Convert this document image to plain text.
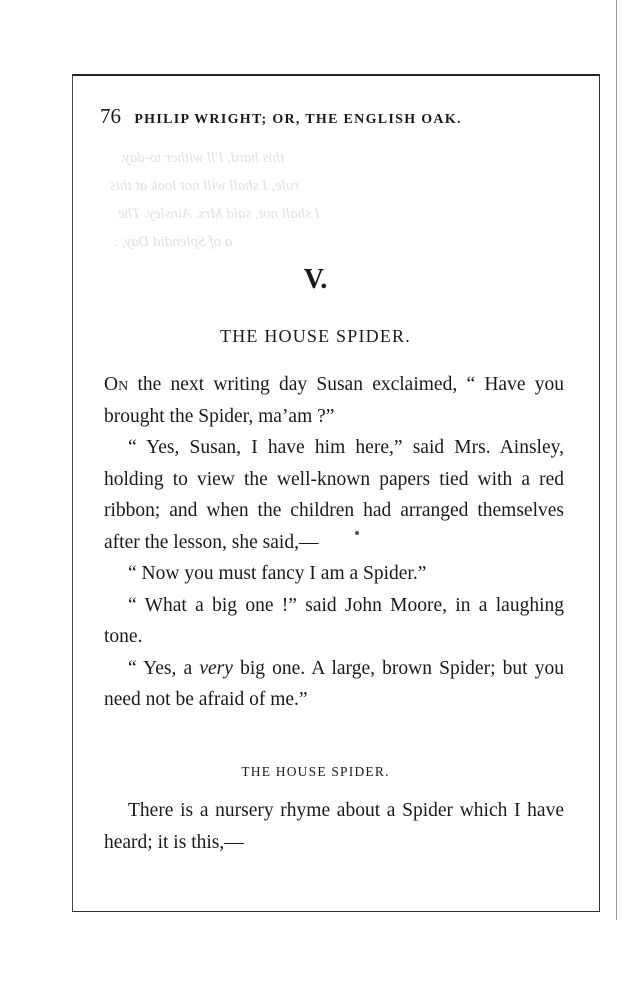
this hard, I'll wither to-day.
rule, I shall will not look at this
I shall not, said Mrs. Ainsley. The
a of Splendid Day, .
76 PHILIP WRIGHT; OR, THE ENGLISH OAK.
V.
THE HOUSE SPIDER.

On the next writing day Susan exclaimed, “ Have you brought the Spider, ma’am ?”

“ Yes, Susan, I have him here,” said Mrs. Ainsley, holding to view the well-known papers tied with a red ribbon; and when the children had arranged themselves after the lesson, she said,—

“ Now you must fancy I am a Spider.”

“ What a big one !” said John Moore, in a laughing tone.

“ Yes, a very big one. A large, brown Spider; but you need not be afraid of me.”

THE HOUSE SPIDER.

There is a nursery rhyme about a Spider which I have heard; it is this,—
